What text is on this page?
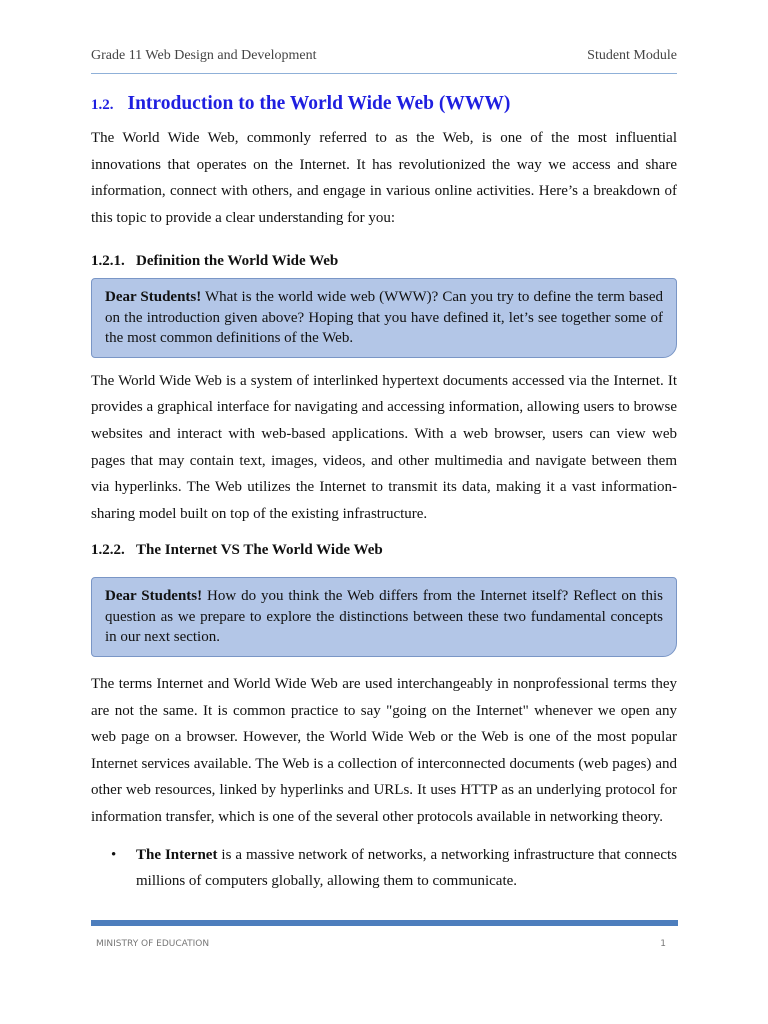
Grade 11 Web Design and Development	Student Module
1.2. Introduction to the World Wide Web (WWW)

The World Wide Web, commonly referred to as the Web, is one of the most influential innovations that operates on the Internet. It has revolutionized the way we access and share information, connect with others, and engage in various online activities. Here’s a breakdown of this topic to provide a clear understanding for you:

1.2.1. Definition the World Wide Web
Dear Students! What is the world wide web (WWW)? Can you try to define the term based on the introduction given above? Hoping that you have defined it, let’s see together some of the most common definitions of the Web.

The World Wide Web is a system of interlinked hypertext documents accessed via the Internet. It provides a graphical interface for navigating and accessing information, allowing users to browse websites and interact with web-based applications. With a web browser, users can view web pages that may contain text, images, videos, and other multimedia and navigate between them via hyperlinks. The Web utilizes the Internet to transmit its data, making it a vast information-sharing model built on top of the existing infrastructure.

1.2.2. The Internet VS The World Wide Web
Dear Students! How do you think the Web differs from the Internet itself? Reflect on this question as we prepare to explore the distinctions between these two fundamental concepts in our next section.

The terms Internet and World Wide Web are used interchangeably in nonprofessional terms they are not the same. It is common practice to say "going on the Internet" whenever we open any web page on a browser. However, the World Wide Web or the Web is one of the most popular Internet services available. The Web is a collection of interconnected documents (web pages) and other web resources, linked by hyperlinks and URLs. It uses HTTP as an underlying protocol for information transfer, which is one of the several other protocols available in networking theory.

• The Internet is a massive network of networks, a networking infrastructure that connects millions of computers globally, allowing them to communicate.
MINISTRY OF EDUCATION	1
